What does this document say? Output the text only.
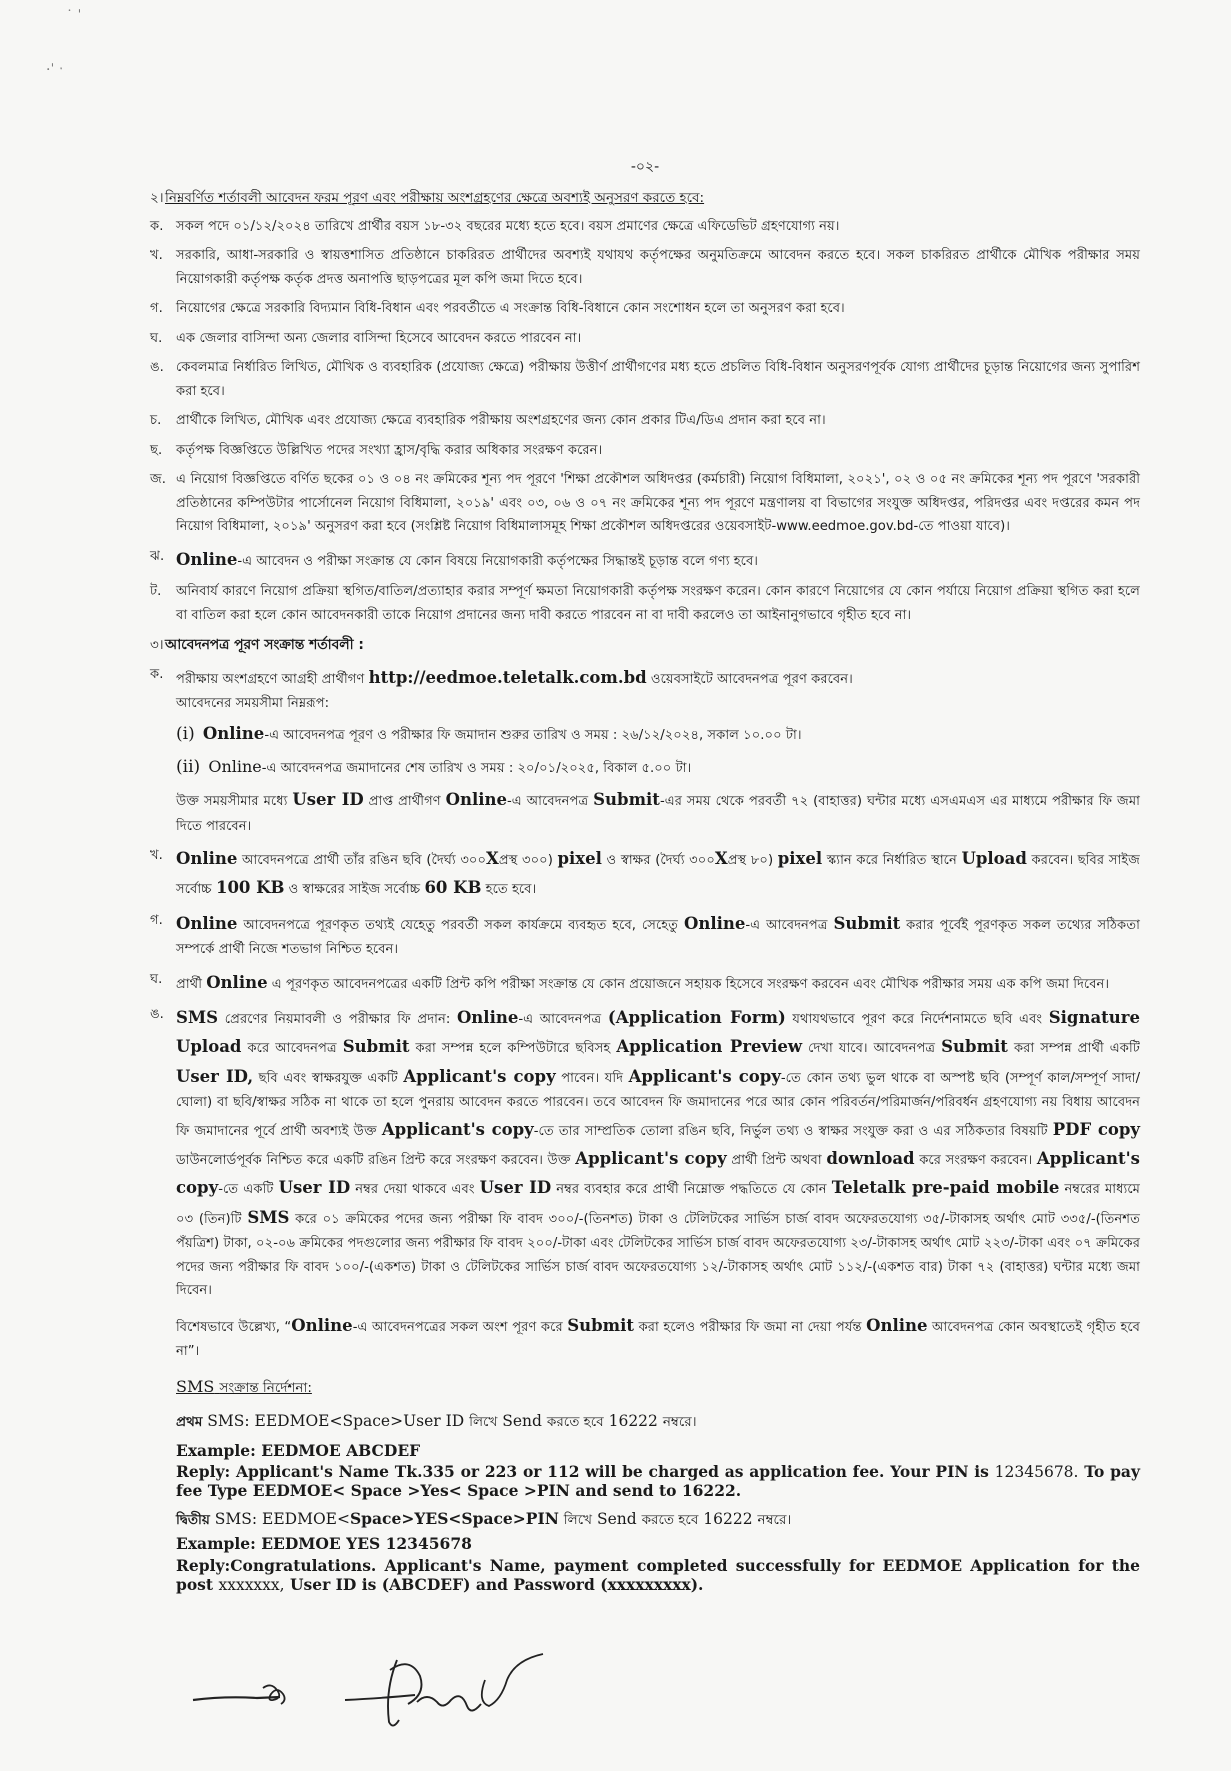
˙ ˈ
·ˈ ˑ
-০২-
২। নিম্নবর্ণিত শর্তাবলী আবেদন ফরম পূরণ এবং পরীক্ষায় অংশগ্রহণের ক্ষেত্রে অবশ্যই অনুসরণ করতে হবে:
ক. সকল পদে ০১/১২/২০২৪ তারিখে প্রার্থীর বয়স ১৮-৩২ বছরের মধ্যে হতে হবে। বয়স প্রমাণের ক্ষেত্রে এফিডেভিট গ্রহণযোগ্য নয়।
খ. সরকারি, আধা-সরকারি ও স্বায়ত্তশাসিত প্রতিষ্ঠানে চাকরিরত প্রার্থীদের অবশ্যই যথাযথ কর্তৃপক্ষের অনুমতিক্রমে আবেদন করতে হবে। সকল চাকরিরত প্রার্থীকে মৌখিক পরীক্ষার সময় নিয়োগকারী কর্তৃপক্ষ কর্তৃক প্রদত্ত অনাপত্তি ছাড়পত্রের মূল কপি জমা দিতে হবে।
গ. নিয়োগের ক্ষেত্রে সরকারি বিদ্যমান বিধি-বিধান এবং পরবর্তীতে এ সংক্রান্ত বিধি-বিধানে কোন সংশোধন হলে তা অনুসরণ করা হবে।
ঘ.	এক জেলার বাসিন্দা অন্য জেলার বাসিন্দা হিসেবে আবেদন করতে পারবেন না।
ঙ. কেবলমাত্র নির্ধারিত লিখিত, মৌখিক ও ব্যবহারিক (প্রযোজ্য ক্ষেত্রে) পরীক্ষায় উত্তীর্ণ প্রার্থীগণের মধ্য হতে প্রচলিত বিধি-বিধান অনুসরণপূর্বক যোগ্য প্রার্থীদের চূড়ান্ত নিয়োগের জন্য সুপারিশ করা হবে।
চ.	প্রার্থীকে লিখিত, মৌখিক এবং প্রযোজ্য ক্ষেত্রে ব্যবহারিক পরীক্ষায় অংশগ্রহণের জন্য কোন প্রকার টিএ/ডিএ প্রদান করা হবে না।
ছ.	কর্তৃপক্ষ বিজ্ঞপ্তিতে উল্লিখিত পদের সংখ্যা হ্রাস/বৃদ্ধি করার অধিকার সংরক্ষণ করেন।
জ. এ নিয়োগ বিজ্ঞপ্তিতে বর্ণিত ছকের ০১ ও ০৪ নং ক্রমিকের শূন্য পদ পূরণে 'শিক্ষা প্রকৌশল অধিদপ্তর (কর্মচারী) নিয়োগ বিধিমালা, ২০২১', ০২ ও ০৫ নং ক্রমিকের শূন্য পদ পূরণে 'সরকারী প্রতিষ্ঠানের কম্পিউটার পার্সোনেল নিয়োগ বিধিমালা, ২০১৯' এবং ০৩, ০৬ ও ০৭ নং ক্রমিকের শূন্য পদ পূরণে মন্ত্রণালয় বা বিভাগের সংযুক্ত অধিদপ্তর, পরিদপ্তর এবং দপ্তরের কমন পদ নিয়োগ বিধিমালা, ২০১৯' অনুসরণ করা হবে (সংশ্লিষ্ট নিয়োগ বিধিমালাসমূহ শিক্ষা প্রকৌশল অধিদপ্তরের ওয়েবসাইট-www.eedmoe.gov.bd-তে পাওয়া যাবে)।
ঝ. Online-এ আবেদন ও পরীক্ষা সংক্রান্ত যে কোন বিষয়ে নিয়োগকারী কর্তৃপক্ষের সিদ্ধান্তই চূড়ান্ত বলে গণ্য হবে।
ট.	অনিবার্য কারণে নিয়োগ প্রক্রিয়া স্থগিত/বাতিল/প্রত্যাহার করার সম্পূর্ণ ক্ষমতা নিয়োগকারী কর্তৃপক্ষ সংরক্ষণ করেন। কোন কারণে নিয়োগের যে কোন পর্যায়ে নিয়োগ প্রক্রিয়া স্থগিত করা হলে বা বাতিল করা হলে কোন আবেদনকারী তাকে নিয়োগ প্রদানের জন্য দাবী করতে পারবেন না বা দাবী করলেও তা আইনানুগভাবে গৃহীত হবে না।
৩। আবেদনপত্র পূরণ সংক্রান্ত শর্তাবলী :
ক. পরীক্ষায় অংশগ্রহণে আগ্রহী প্রার্থীগণ http://eedmoe.teletalk.com.bd ওয়েবসাইটে আবেদনপত্র পূরণ করবেন।
আবেদনের সময়সীমা নিম্নরূপ:
(i) Online-এ আবেদনপত্র পূরণ ও পরীক্ষার ফি জমাদান শুরুর তারিখ ও সময় : ২৬/১২/২০২৪, সকাল ১০.০০ টা।
(ii) Online-এ আবেদনপত্র জমাদানের শেষ তারিখ ও সময় : ২০/০১/২০২৫, বিকাল ৫.০০ টা।
উক্ত সময়সীমার মধ্যে User ID প্রাপ্ত প্রার্থীগণ Online-এ আবেদনপত্র Submit-এর সময় থেকে পরবর্তী ৭২ (বাহাত্তর) ঘন্টার মধ্যে এসএমএস এর মাধ্যমে পরীক্ষার ফি জমা দিতে পারবেন।
খ. Online আবেদনপত্রে প্রার্থী তাঁর রঙিন ছবি (দৈর্ঘ্য ৩০০Xপ্রস্থ ৩০০) pixel ও স্বাক্ষর (দৈর্ঘ্য ৩০০Xপ্রস্থ ৮০) pixel স্ক্যান করে নির্ধারিত স্থানে Upload করবেন। ছবির সাইজ সর্বোচ্চ 100 KB ও স্বাক্ষরের সাইজ সর্বোচ্চ 60 KB হতে হবে।
গ. Online আবেদনপত্রে পূরণকৃত তথ্যই যেহেতু পরবর্তী সকল কার্যক্রমে ব্যবহৃত হবে, সেহেতু Online-এ আবেদনপত্র Submit করার পূর্বেই পূরণকৃত সকল তথ্যের সঠিকতা সম্পর্কে প্রার্থী নিজে শতভাগ নিশ্চিত হবেন।
ঘ.	প্রার্থী Online এ পূরণকৃত আবেদনপত্রের একটি প্রিন্ট কপি পরীক্ষা সংক্রান্ত যে কোন প্রয়োজনে সহায়ক হিসেবে সংরক্ষণ করবেন এবং মৌখিক পরীক্ষার সময় এক কপি জমা দিবেন।
ঙ. SMS প্রেরণের নিয়মাবলী ও পরীক্ষার ফি প্রদান: Online-এ আবেদনপত্র (Application Form) যথাযথভাবে পূরণ করে নির্দেশনামতে ছবি এবং Signature Upload করে আবেদনপত্র Submit করা সম্পন্ন হলে কম্পিউটারে ছবিসহ Application Preview দেখা যাবে। আবেদনপত্র Submit করা সম্পন্ন প্রার্থী একটি User ID, ছবি এবং স্বাক্ষরযুক্ত একটি Applicant's copy পাবেন। যদি Applicant's copy-তে কোন তথ্য ভুল থাকে বা অস্পষ্ট ছবি (সম্পূর্ণ কাল/সম্পূর্ণ সাদা/ঘোলা) বা ছবি/স্বাক্ষর সঠিক না থাকে তা হলে পুনরায় আবেদন করতে পারবেন। তবে আবেদন ফি জমাদানের পরে আর কোন পরিবর্তন/পরিমার্জন/পরিবর্ধন গ্রহণযোগ্য নয় বিধায় আবেদন ফি জমাদানের পূর্বে প্রার্থী অবশ্যই উক্ত Applicant's copy-তে তার সাম্প্রতিক তোলা রঙিন ছবি, নির্ভুল তথ্য ও স্বাক্ষর সংযুক্ত করা ও এর সঠিকতার বিষয়টি PDF copy ডাউনলোর্ডপূর্বক নিশ্চিত করে একটি রঙিন প্রিন্ট করে সংরক্ষণ করবেন। উক্ত Applicant's copy প্রার্থী প্রিন্ট অথবা download করে সংরক্ষণ করবেন। Applicant's copy-তে একটি User ID নম্বর দেয়া থাকবে এবং User ID নম্বর ব্যবহার করে প্রার্থী নিম্নোক্ত পদ্ধতিতে যে কোন Teletalk pre-paid mobile নম্বরের মাধ্যমে ০৩ (তিন)টি SMS করে ০১ ক্রমিকের পদের জন্য পরীক্ষা ফি বাবদ ৩০০/-(তিনশত) টাকা ও টেলিটকের সার্ভিস চার্জ বাবদ অফেরতযোগ্য ৩৫/-টাকাসহ অর্থাৎ মোট ৩৩৫/-(তিনশত পঁয়ত্রিশ) টাকা, ০২-০৬ ক্রমিকের পদগুলোর জন্য পরীক্ষার ফি বাবদ ২০০/-টাকা এবং টেলিটকের সার্ভিস চার্জ বাবদ অফেরতযোগ্য ২৩/-টাকাসহ অর্থাৎ মোট ২২৩/-টাকা এবং ০৭ ক্রমিকের পদের জন্য পরীক্ষার ফি বাবদ ১০০/-(একশত) টাকা ও টেলিটকের সার্ভিস চার্জ বাবদ অফেরতযোগ্য ১২/-টাকাসহ অর্থাৎ মোট ১১২/-(একশত বার) টাকা ৭২ (বাহাত্তর) ঘন্টার মধ্যে জমা দিবেন।
বিশেষভাবে উল্লেখ্য, “Online-এ আবেদনপত্রের সকল অংশ পূরণ করে Submit করা হলেও পরীক্ষার ফি জমা না দেয়া পর্যন্ত Online আবেদনপত্র কোন অবস্থাতেই গৃহীত হবে না”।
SMS সংক্রান্ত নির্দেশনা:

প্রথম SMS: EEDMOE<Space>User ID লিখে Send করতে হবে 16222 নম্বরে।

Example: EEDMOE ABCDEF

Reply: Applicant's Name Tk.335 or 223 or 112 will be charged as application fee. Your PIN is 12345678. To pay fee Type EEDMOE< Space >Yes< Space >PIN and send to 16222.

দ্বিতীয় SMS: EEDMOE<Space>YES<Space>PIN লিখে Send করতে হবে 16222 নম্বরে।

Example: EEDMOE YES 12345678

Reply:Congratulations. Applicant's Name, payment completed successfully for EEDMOE Application for the post xxxxxxx, User ID is (ABCDEF) and Password (xxxxxxxxx).
